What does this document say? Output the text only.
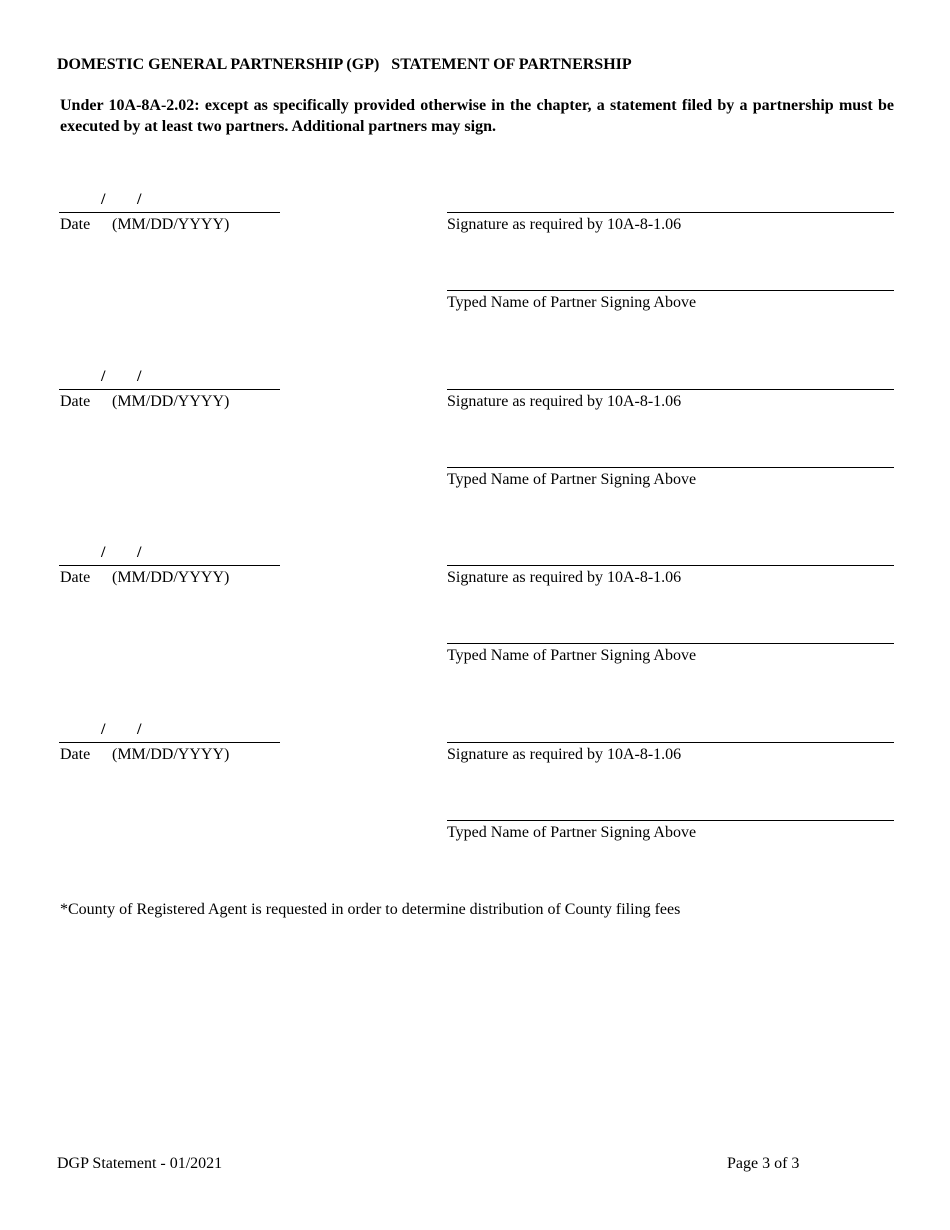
DOMESTIC GENERAL PARTNERSHIP (GP)   STATEMENT OF PARTNERSHIP

Under 10A-8A-2.02: except as specifically provided otherwise in the chapter, a statement filed by a partnership must be executed by at least two partners. Additional partners may sign.

/ /
Date (MM/DD/YYYY)	Signature as required by 10A-8-1.06
Typed Name of Partner Signing Above
/ /
Date (MM/DD/YYYY)	Signature as required by 10A-8-1.06
Typed Name of Partner Signing Above
/ /
Date (MM/DD/YYYY)	Signature as required by 10A-8-1.06
Typed Name of Partner Signing Above
/ /
Date (MM/DD/YYYY)	Signature as required by 10A-8-1.06
Typed Name of Partner Signing Above

*County of Registered Agent is requested in order to determine distribution of County filing fees

DGP Statement - 01/2021	Page 3 of 3
